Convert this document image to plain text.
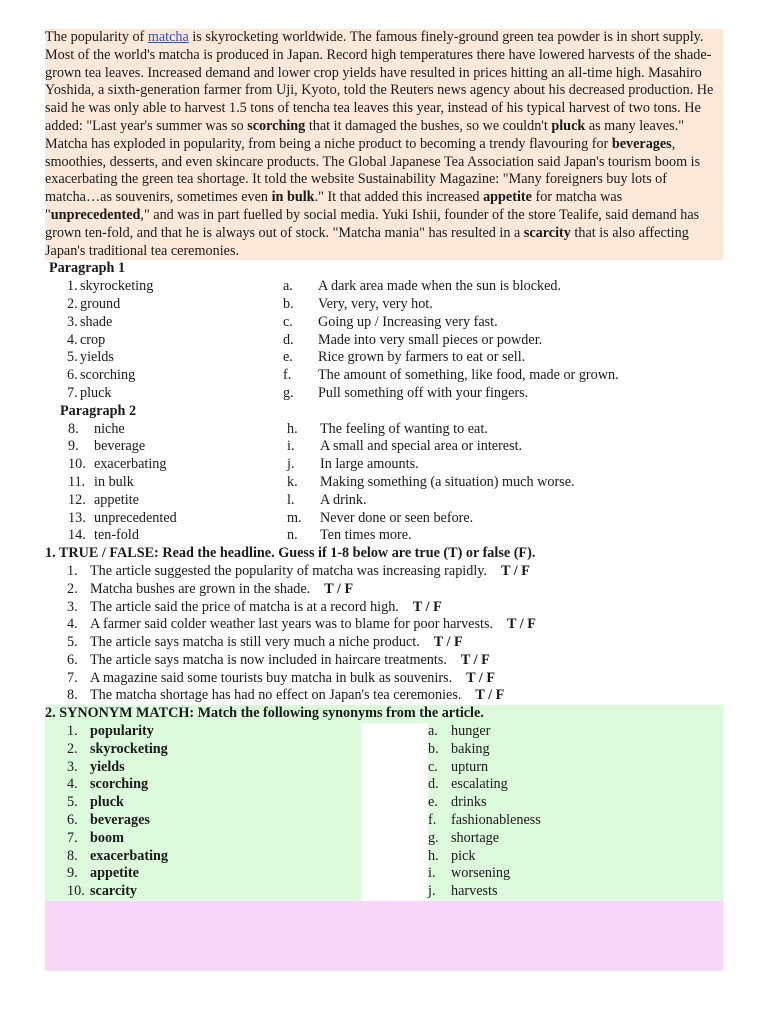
The popularity of matcha is skyrocketing worldwide. The famous finely-ground green tea powder is in short supply. Most of the world's matcha is produced in Japan. Record high temperatures there have lowered harvests of the shade-grown tea leaves. Increased demand and lower crop yields have resulted in prices hitting an all-time high. Masahiro Yoshida, a sixth-generation farmer from Uji, Kyoto, told the Reuters news agency about his decreased production. He said he was only able to harvest 1.5 tons of tencha tea leaves this year, instead of his typical harvest of two tons. He added: "Last year's summer was so scorching that it damaged the bushes, so we couldn't pluck as many leaves."

Matcha has exploded in popularity, from being a niche product to becoming a trendy flavouring for beverages, smoothies, desserts, and even skincare products. The Global Japanese Tea Association said Japan's tourism boom is exacerbating the green tea shortage. It told the website Sustainability Magazine: "Many foreigners buy lots of matcha…as souvenirs, sometimes even in bulk." It that added this increased appetite for matcha was "unprecedented," and was in part fuelled by social media. Yuki Ishii, founder of the store Tealife, said demand has grown ten-fold, and that he is always out of stock. "Matcha mania" has resulted in a scarcity that is also affecting Japan's traditional tea ceremonies.

Paragraph 1
1. skyrocketing	a. A dark area made when the sun is blocked.
2. ground	b. Very, very, very hot.
3. shade	c. Going up / Increasing very fast.
4. crop	d. Made into very small pieces or powder.
5. yields	e. Rice grown by farmers to eat or sell.
6. scorching	f. The amount of something, like food, made or grown.
7. pluck	g. Pull something off with your fingers.
Paragraph 2
8. niche	h. The feeling of wanting to eat.
9. beverage	i. A small and special area or interest.
10. exacerbating	j. In large amounts.
11. in bulk	k. Making something (a situation) much worse.
12. appetite	l. A drink.
13. unprecedented	m. Never done or seen before.
14. ten-fold	n. Ten times more.
1. TRUE / FALSE: Read the headline. Guess if 1-8 below are true (T) or false (F).
1. The article suggested the popularity of matcha was increasing rapidly. T / F
2. Matcha bushes are grown in the shade. T / F
3. The article said the price of matcha is at a record high. T / F
4. A farmer said colder weather last years was to blame for poor harvests. T / F
5. The article says matcha is still very much a niche product. T / F
6. The article says matcha is now included in haircare treatments. T / F
7. A magazine said some tourists buy matcha in bulk as souvenirs. T / F
8. The matcha shortage has had no effect on Japan's tea ceremonies. T / F
2. SYNONYM MATCH: Match the following synonyms from the article.
1. popularity	a. hunger
2. skyrocketing	b. baking
3. yields	c. upturn
4. scorching	d. escalating
5. pluck	e. drinks
6. beverages	f. fashionableness
7. boom	g. shortage
8. exacerbating	h. pick
9. appetite	i. worsening
10. scarcity	j. harvests
